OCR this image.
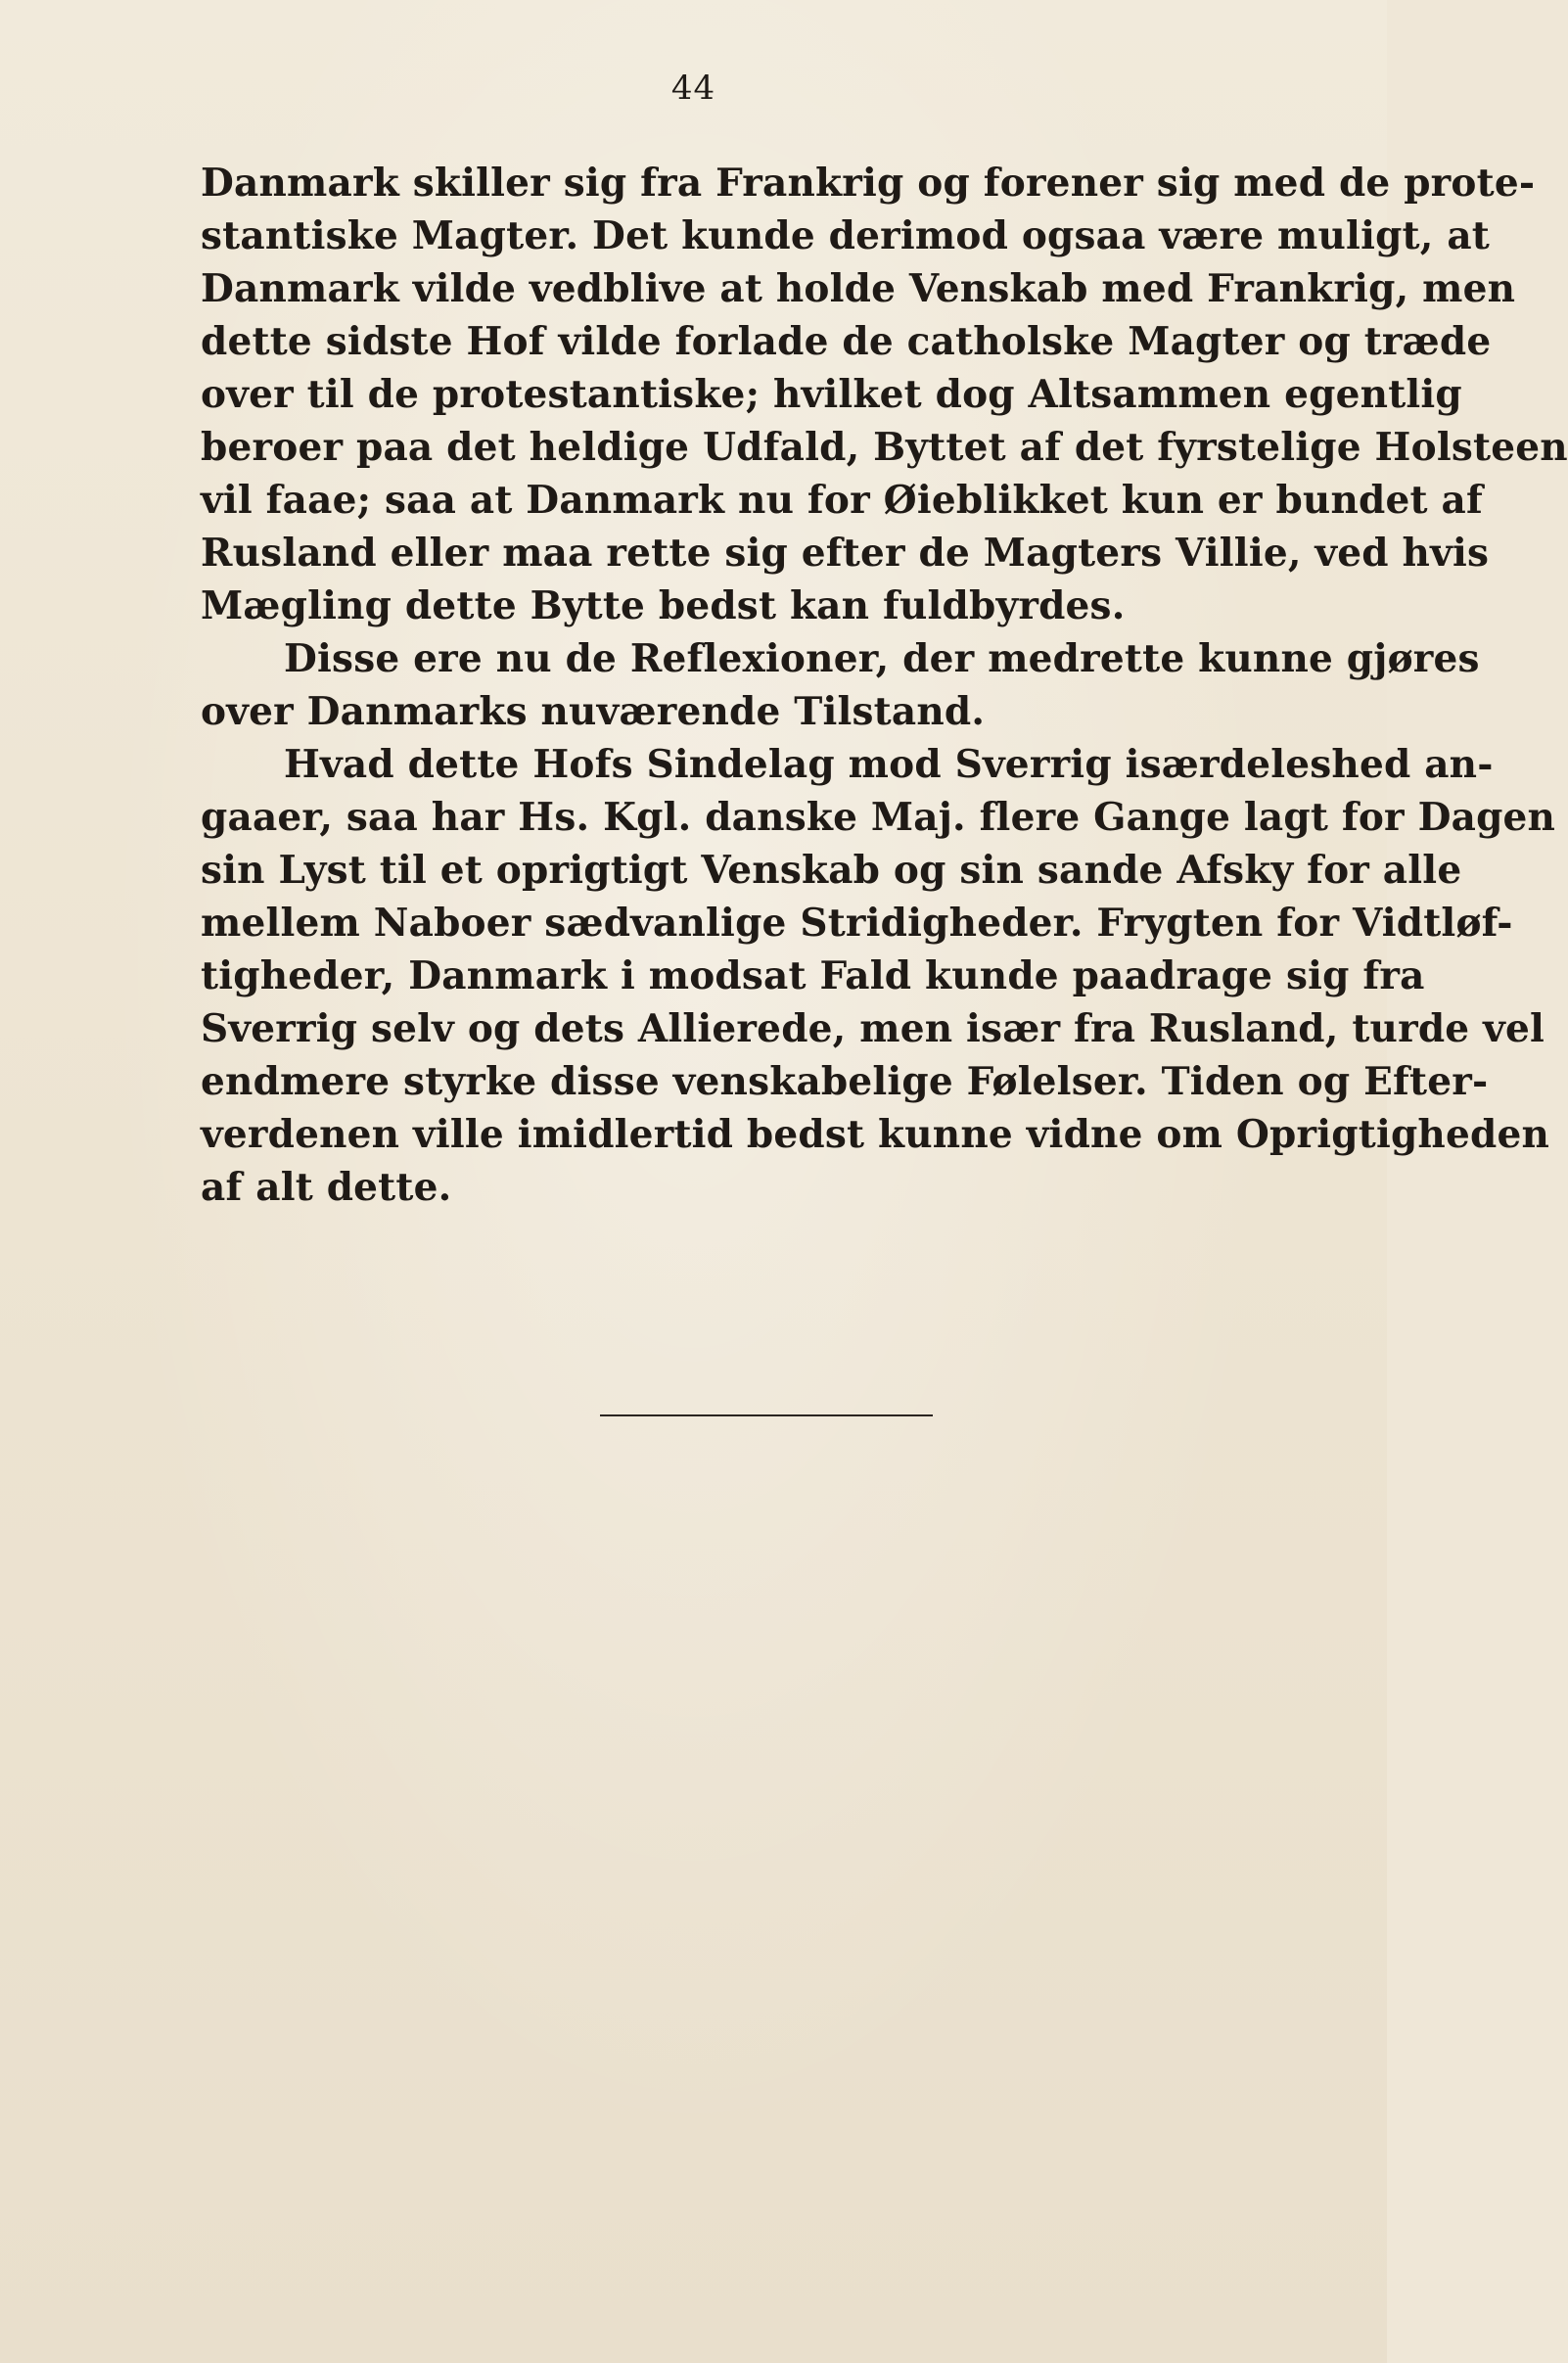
44
Danmark skiller sig fra Frankrig og forener sig med de prote-
stantiske Magter. Det kunde derimod ogsaa være muligt, at
Danmark vilde vedblive at holde Venskab med Frankrig, men
dette sidste Hof vilde forlade de catholske Magter og træde
over til de protestantiske; hvilket dog Altsammen egentlig
beroer paa det heldige Udfald, Byttet af det fyrstelige Holsteen
vil faae; saa at Danmark nu for Øieblikket kun er bundet af
Rusland eller maa rette sig efter de Magters Villie, ved hvis
Mægling dette Bytte bedst kan fuldbyrdes.
Disse ere nu de Reflexioner, der medrette kunne gjøres
over Danmarks nuværende Tilstand.
Hvad dette Hofs Sindelag mod Sverrig isærdeleshed an-
gaaer, saa har Hs. Kgl. danske Maj. flere Gange lagt for Dagen
sin Lyst til et oprigtigt Venskab og sin sande Afsky for alle
mellem Naboer sædvanlige Stridigheder. Frygten for Vidtløf-
tigheder, Danmark i modsat Fald kunde paadrage sig fra
Sverrig selv og dets Allierede, men især fra Rusland, turde vel
endmere styrke disse venskabelige Følelser. Tiden og Efter-
verdenen ville imidlertid bedst kunne vidne om Oprigtigheden
af alt dette.
